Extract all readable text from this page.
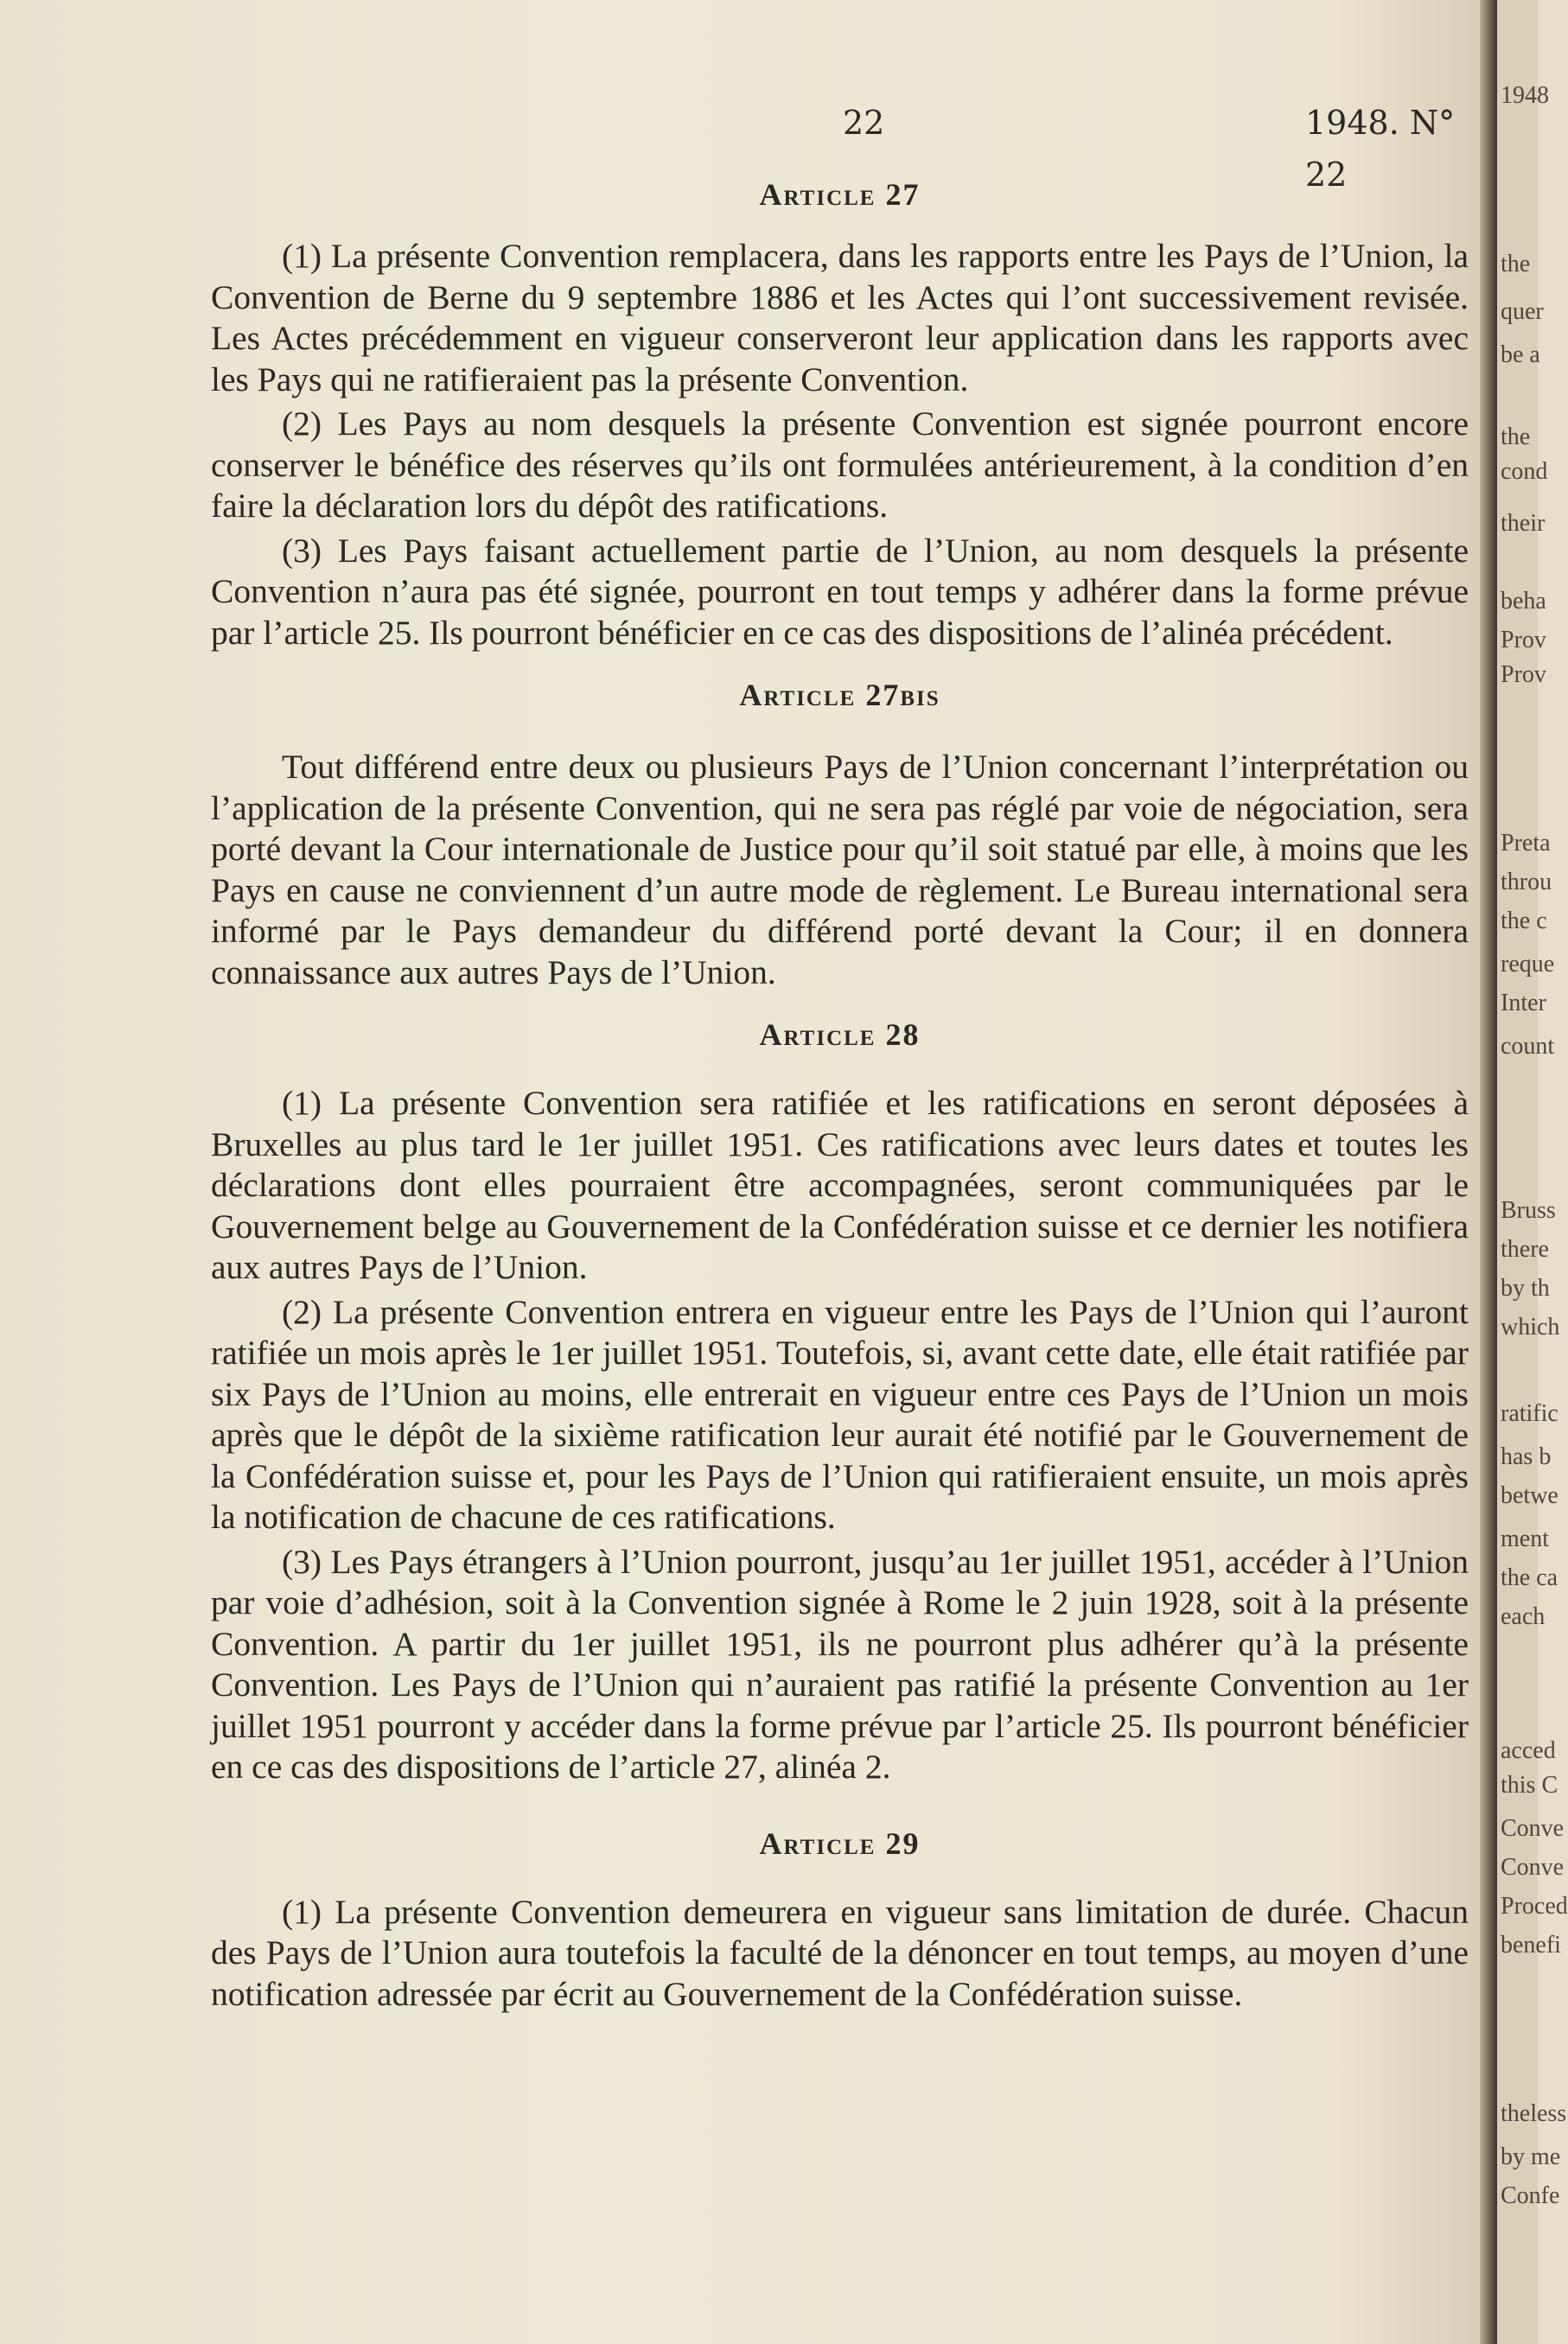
22	1948. N° 22
Article 27

(1) La présente Convention remplacera, dans les rapports entre les Pays de l’Union, la Convention de Berne du 9 septembre 1886 et les Actes qui l’ont successivement revisée. Les Actes précédemment en vigueur conserveront leur application dans les rapports avec les Pays qui ne ratifieraient pas la présente Convention.

(2) Les Pays au nom desquels la présente Convention est signée pourront encore conserver le bénéfice des réserves qu’ils ont formulées antérieurement, à la condition d’en faire la déclaration lors du dépôt des ratifications.

(3) Les Pays faisant actuellement partie de l’Union, au nom desquels la présente Convention n’aura pas été signée, pourront en tout temps y adhérer dans la forme prévue par l’article 25. Ils pourront bénéficier en ce cas des dispositions de l’alinéa précédent.

Article 27bis

Tout différend entre deux ou plusieurs Pays de l’Union concernant l’interprétation ou l’application de la présente Convention, qui ne sera pas réglé par voie de négociation, sera porté devant la Cour internationale de Justice pour qu’il soit statué par elle, à moins que les Pays en cause ne conviennent d’un autre mode de règlement. Le Bureau international sera informé par le Pays demandeur du différend porté devant la Cour; il en donnera connaissance aux autres Pays de l’Union.

Article 28

(1) La présente Convention sera ratifiée et les ratifications en seront déposées à Bruxelles au plus tard le 1er juillet 1951. Ces ratifications avec leurs dates et toutes les déclarations dont elles pourraient être accompagnées, seront communiquées par le Gouvernement belge au Gouvernement de la Confédération suisse et ce dernier les notifiera aux autres Pays de l’Union.

(2) La présente Convention entrera en vigueur entre les Pays de l’Union qui l’auront ratifiée un mois après le 1er juillet 1951. Toutefois, si, avant cette date, elle était ratifiée par six Pays de l’Union au moins, elle entrerait en vigueur entre ces Pays de l’Union un mois après que le dépôt de la sixième ratification leur aurait été notifié par le Gouvernement de la Confédération suisse et, pour les Pays de l’Union qui ratifieraient ensuite, un mois après la notification de chacune de ces ratifications.

(3) Les Pays étrangers à l’Union pourront, jusqu’au 1er juillet 1951, accéder à l’Union par voie d’adhésion, soit à la Convention signée à Rome le 2 juin 1928, soit à la présente Convention. A partir du 1er juillet 1951, ils ne pourront plus adhérer qu’à la présente Convention. Les Pays de l’Union qui n’auraient pas ratifié la présente Convention au 1er juillet 1951 pourront y accéder dans la forme prévue par l’article 25. Ils pourront bénéficier en ce cas des dispositions de l’article 27, alinéa 2.

Article 29

(1) La présente Convention demeurera en vigueur sans limitation de durée. Chacun des Pays de l’Union aura toutefois la faculté de la dénoncer en tout temps, au moyen d’une notification adressée par écrit au Gouvernement de la Confédération suisse.

1948
the
quer
be a
the
cond
their
beha
Prov
Prov
Preta
throu
the c
reque
Inter
count
Bruss
there
by th
which
ratific
has b
betwe
ment
the ca
each
acced
this C
Conve
Conve
Proced
benefi
theless
by me
Confe
